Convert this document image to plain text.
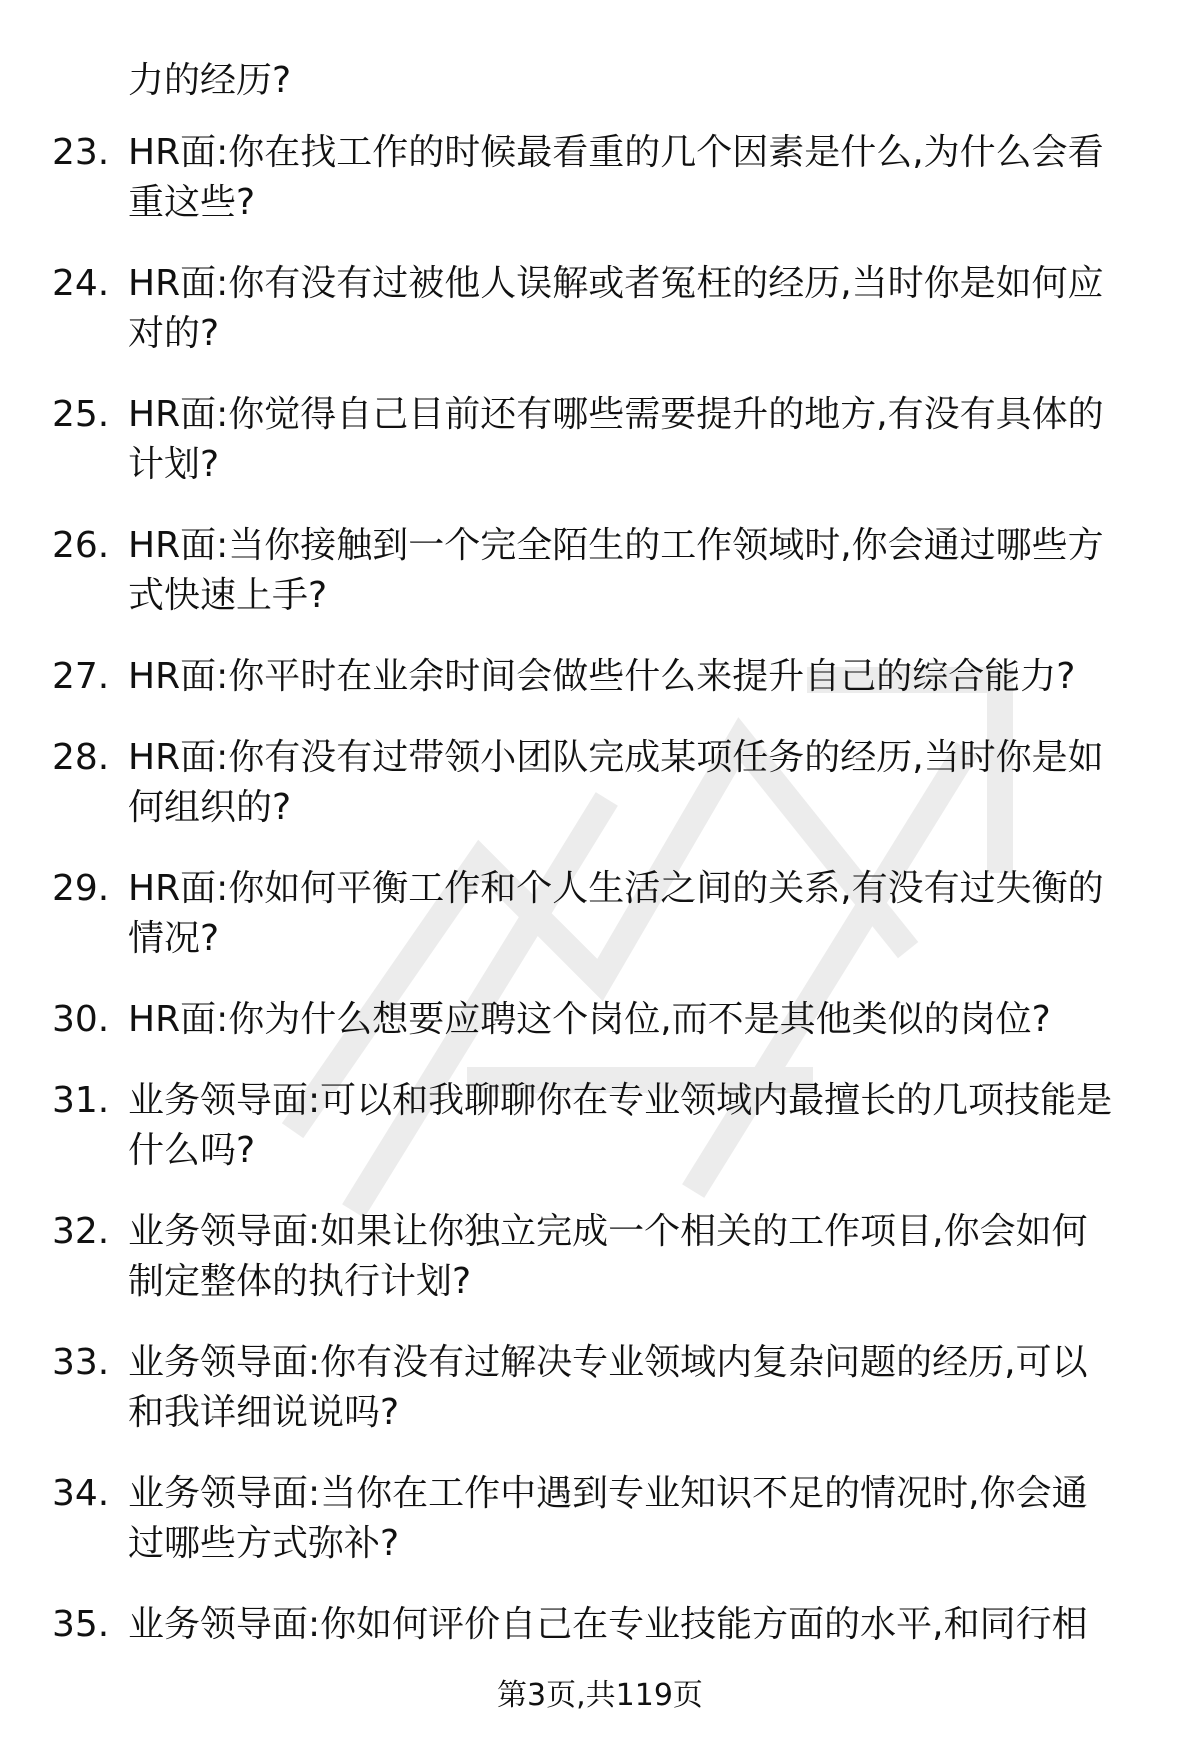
力的经历?
23. HR面:你在找工作的时候最看重的几个因素是什么,为什么会看
重这些?
24. HR面:你有没有过被他人误解或者冤枉的经历,当时你是如何应
对的?
25. HR面:你觉得自己目前还有哪些需要提升的地方,有没有具体的
计划?
26. HR面:当你接触到一个完全陌生的工作领域时,你会通过哪些方
式快速上手?
27. HR面:你平时在业余时间会做些什么来提升自己的综合能力?
28. HR面:你有没有过带领小团队完成某项任务的经历,当时你是如
何组织的?
29. HR面:你如何平衡工作和个人生活之间的关系,有没有过失衡的
情况?
30. HR面:你为什么想要应聘这个岗位,而不是其他类似的岗位?
31. 业务领导面:可以和我聊聊你在专业领域内最擅长的几项技能是
什么吗?
32. 业务领导面:如果让你独立完成一个相关的工作项目,你会如何
制定整体的执行计划?
33. 业务领导面:你有没有过解决专业领域内复杂问题的经历,可以
和我详细说说吗?
34. 业务领导面:当你在工作中遇到专业知识不足的情况时,你会通
过哪些方式弥补?
35. 业务领导面:你如何评价自己在专业技能方面的水平,和同行相
第3页,共119页
